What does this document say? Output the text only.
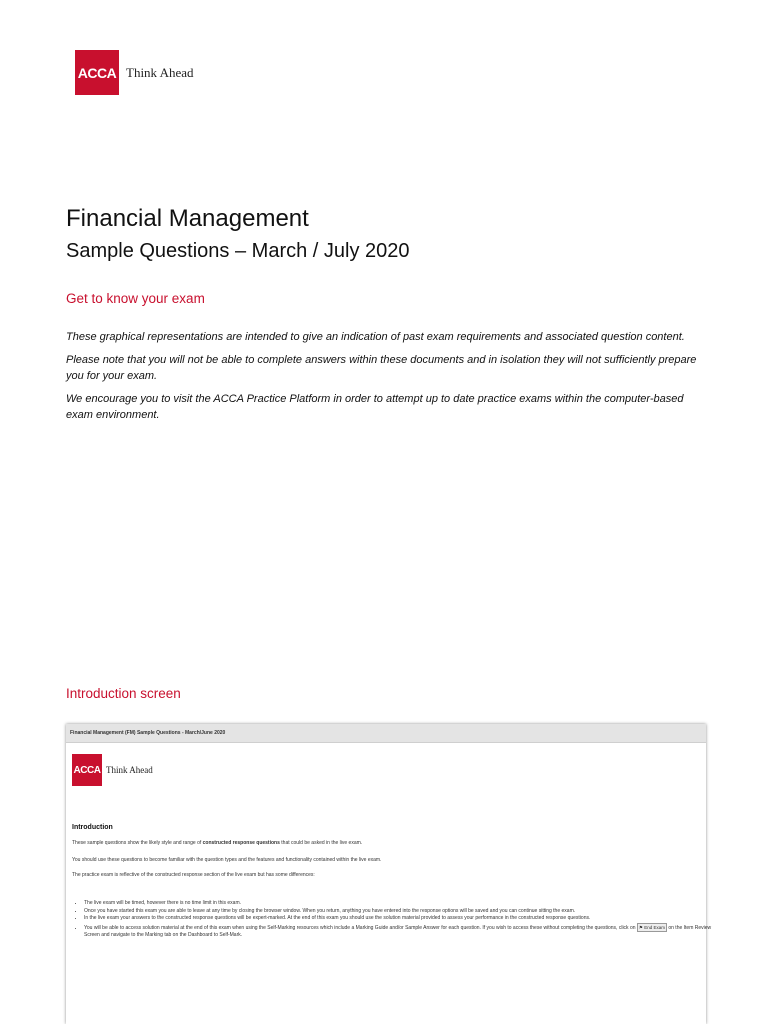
ACCA Think Ahead
Financial Management
Sample Questions – March / July 2020
Get to know your exam

These graphical representations are intended to give an indication of past exam requirements and associated question content.

Please note that you will not be able to complete answers within these documents and in isolation they will not sufficiently prepare you for your exam.

We encourage you to visit the ACCA Practice Platform in order to attempt up to date practice exams within the computer-based exam environment.

Introduction screen
Financial Management (FM) Sample Questions - March/June 2020
ACCA Think Ahead
Introduction

These sample questions show the likely style and range of constructed response questions that could be asked in the live exam.

You should use these questions to become familiar with the question types and the features and functionality contained within the live exam.

The practice exam is reflective of the constructed response section of the live exam but has some differences:

• The live exam will be timed, however there is no time limit in this exam.
• Once you have started this exam you are able to leave at any time by closing the browser window. When you return, anything you have entered into the response options will be saved and you can continue sitting the exam.
• In the live exam your answers to the constructed response questions will be expert-marked. At the end of this exam you should use the solution material provided to assess your performance in the constructed response questions.
• You will be able to access solution material at the end of this exam when using the Self-Marking resources which include a Marking Guide and/or Sample Answer for each question. If you wish to access these without completing the questions, click on ⚑ End Exam on the Item Review Screen and navigate to the Marking tab on the Dashboard to Self-Mark.
